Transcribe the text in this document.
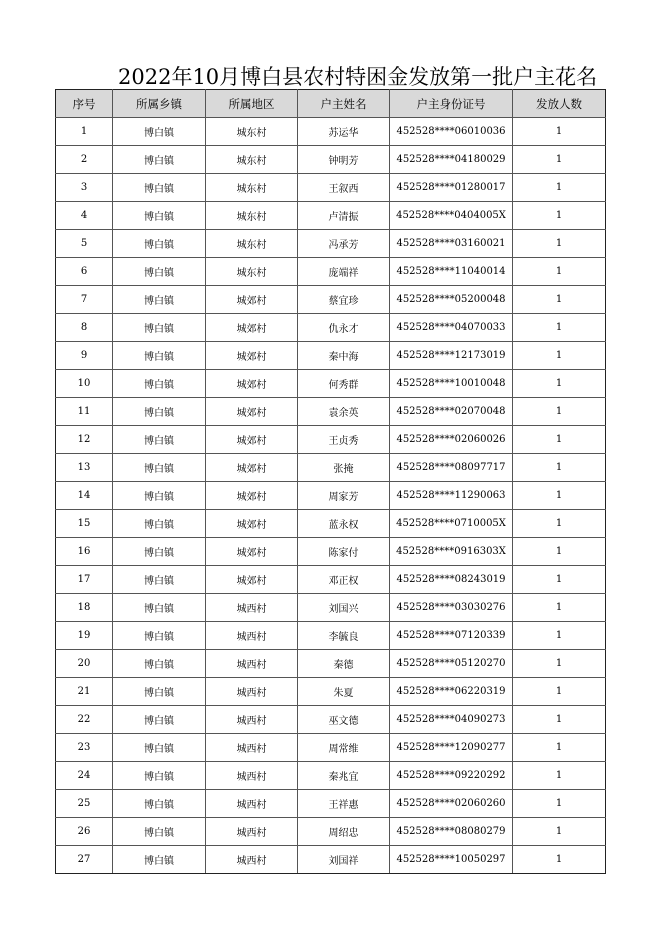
2022年10月博白县农村特困金发放第一批户主花名
序号	所属乡镇	所属地区	户主姓名	户主身份证号	发放人数
1	博白镇	城东村	苏运华	452528****06010036	1
2	博白镇	城东村	钟明芳	452528****04180029	1
3	博白镇	城东村	王叙西	452528****01280017	1
4	博白镇	城东村	卢清振	452528****0404005X	1
5	博白镇	城东村	冯承芳	452528****03160021	1
6	博白镇	城东村	庞端祥	452528****11040014	1
7	博白镇	城郊村	蔡宜珍	452528****05200048	1
8	博白镇	城郊村	仇永才	452528****04070033	1
9	博白镇	城郊村	秦中海	452528****12173019	1
10	博白镇	城郊村	何秀群	452528****10010048	1
11	博白镇	城郊村	袁余英	452528****02070048	1
12	博白镇	城郊村	王贞秀	452528****02060026	1
13	博白镇	城郊村	张掩	452528****08097717	1
14	博白镇	城郊村	周家芳	452528****11290063	1
15	博白镇	城郊村	蓝永权	452528****0710005X	1
16	博白镇	城郊村	陈家付	452528****0916303X	1
17	博白镇	城郊村	邓正权	452528****08243019	1
18	博白镇	城西村	刘国兴	452528****03030276	1
19	博白镇	城西村	李毓良	452528****07120339	1
20	博白镇	城西村	秦德	452528****05120270	1
21	博白镇	城西村	朱夏	452528****06220319	1
22	博白镇	城西村	巫文德	452528****04090273	1
23	博白镇	城西村	周常维	452528****12090277	1
24	博白镇	城西村	秦兆宜	452528****09220292	1
25	博白镇	城西村	王祥惠	452528****02060260	1
26	博白镇	城西村	周绍忠	452528****08080279	1
27	博白镇	城西村	刘国祥	452528****10050297	1
